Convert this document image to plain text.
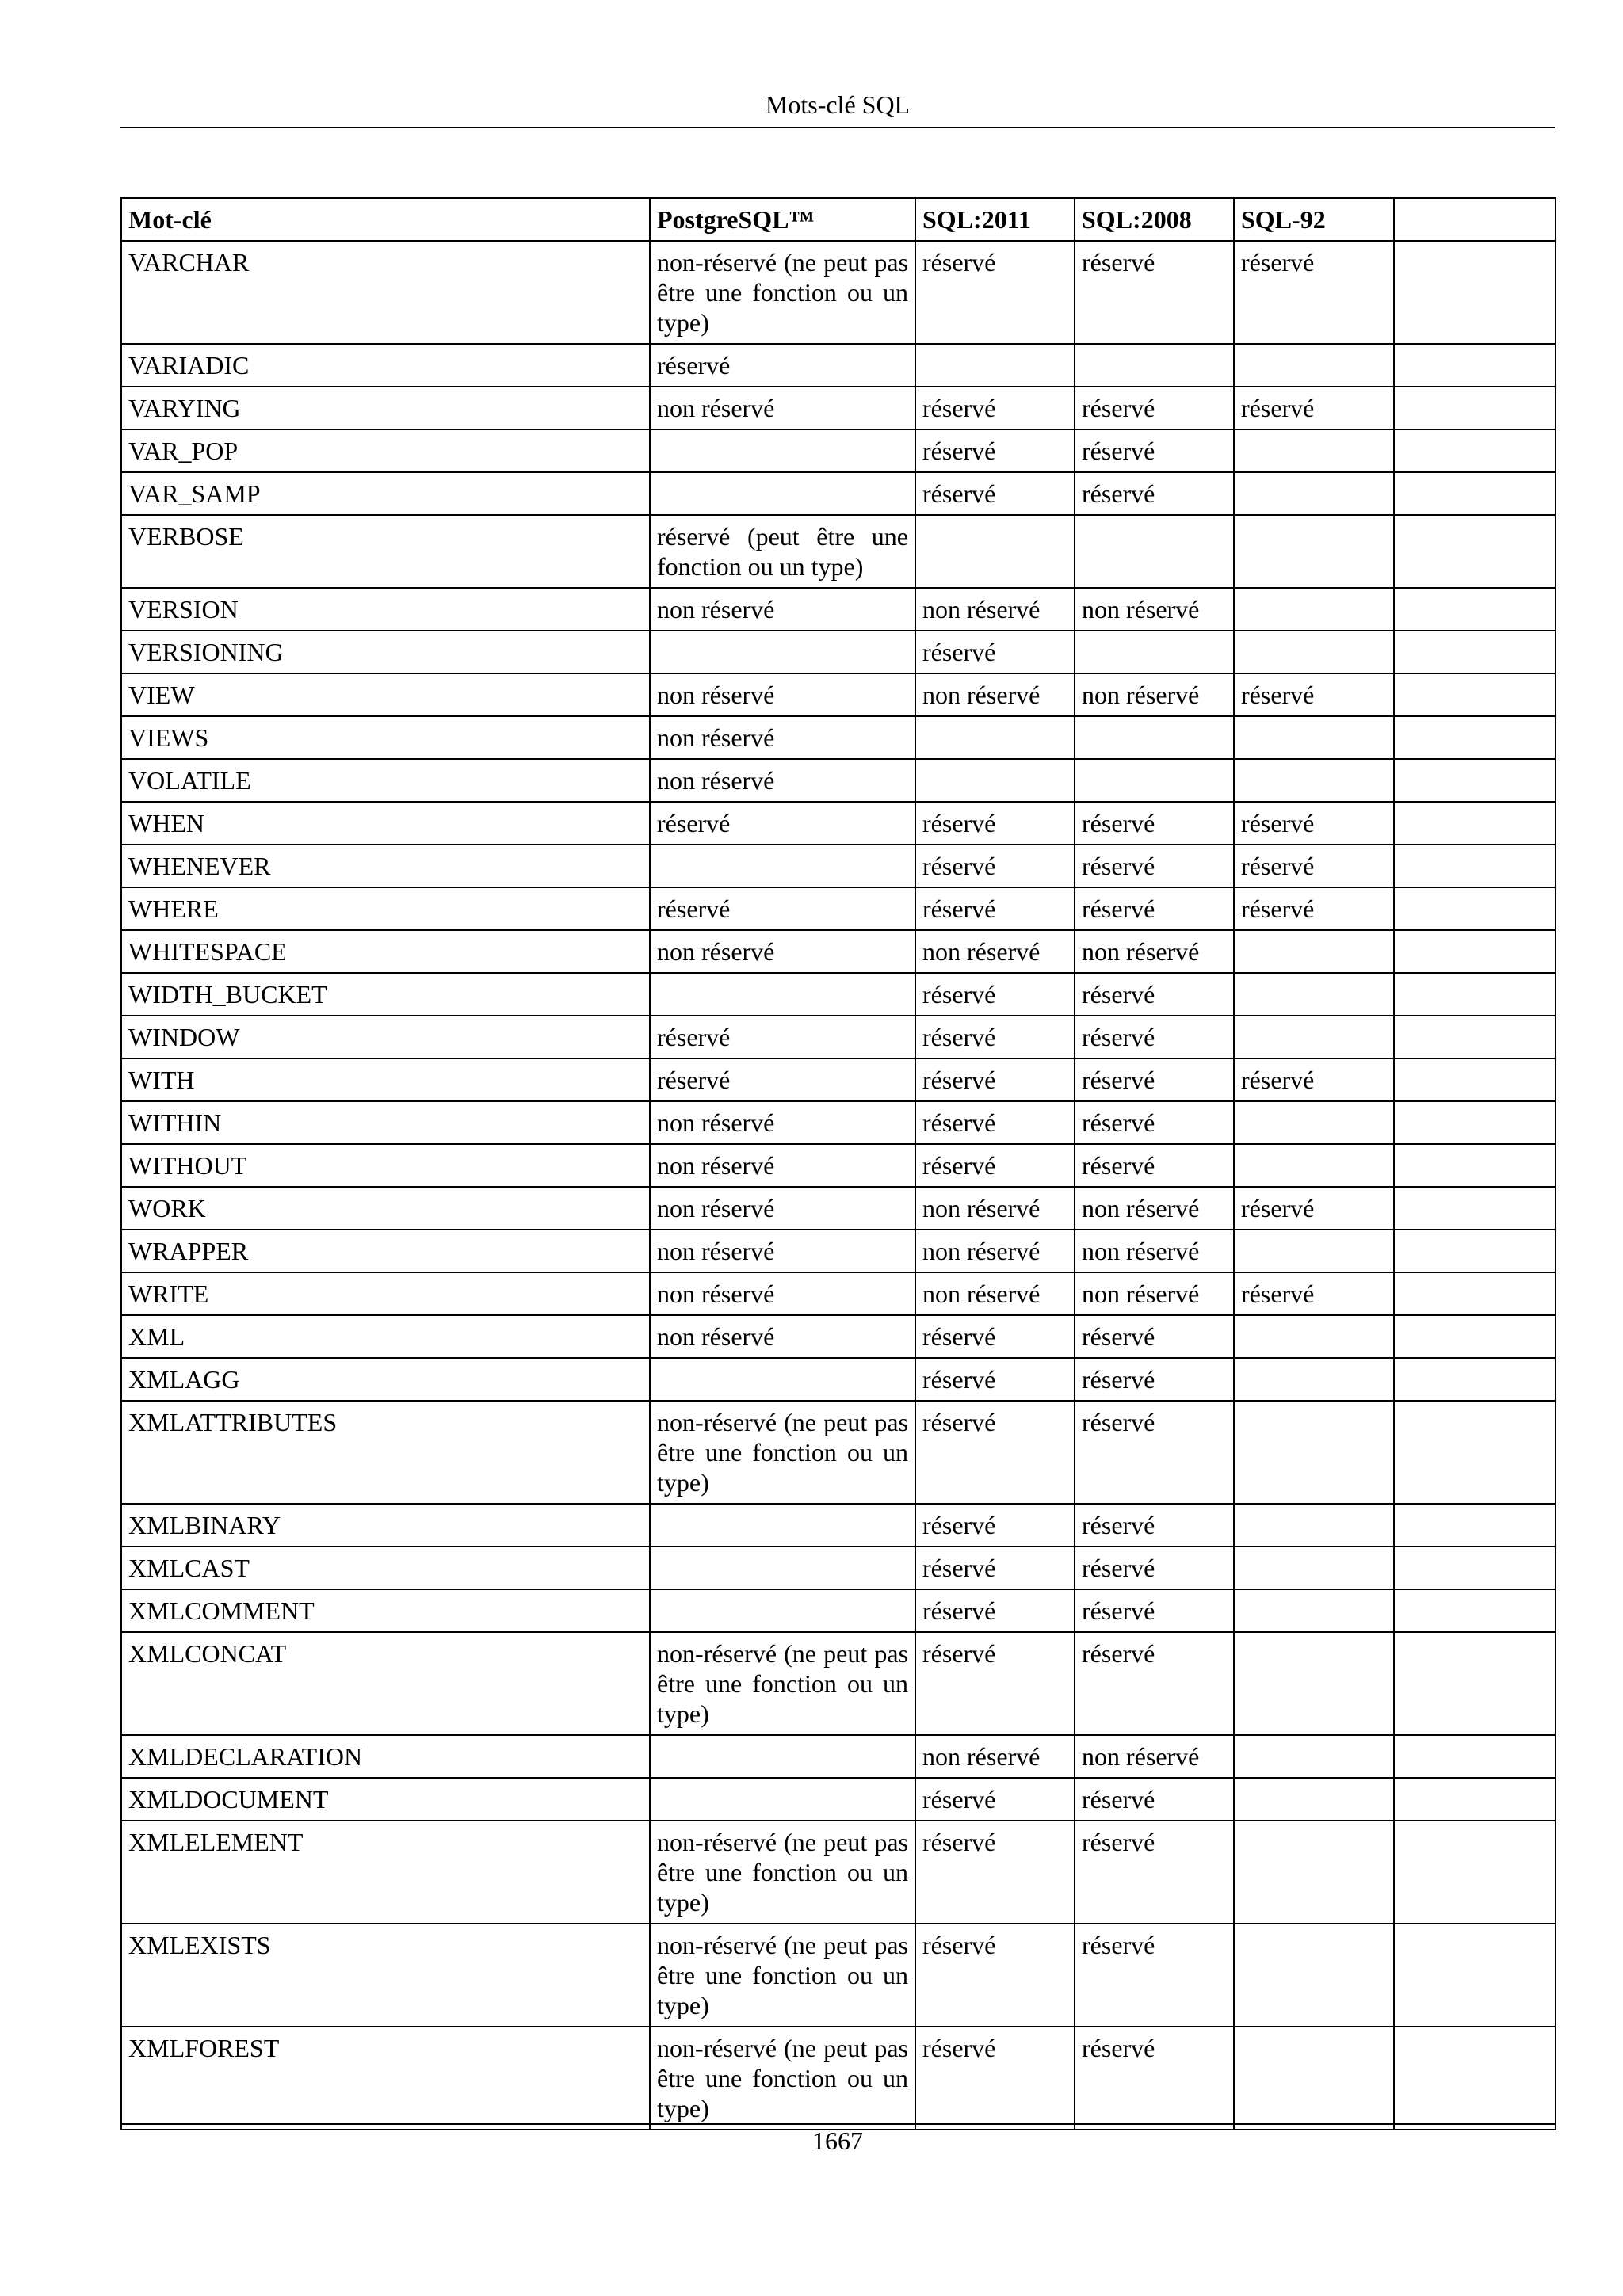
Mots-clé SQL
Mot-clé	PostgreSQL™	SQL:2011	SQL:2008	SQL-92	
VARCHAR	non-réservé (ne peut pas être une fonction ou un type)	réservé	réservé	réservé	
VARIADIC	réservé				
VARYING	non réservé	réservé	réservé	réservé	
VAR_POP		réservé	réservé		
VAR_SAMP		réservé	réservé		
VERBOSE	réservé (peut être une fonction ou un type)				
VERSION	non réservé	non réservé	non réservé		
VERSIONING		réservé			
VIEW	non réservé	non réservé	non réservé	réservé	
VIEWS	non réservé				
VOLATILE	non réservé				
WHEN	réservé	réservé	réservé	réservé	
WHENEVER		réservé	réservé	réservé	
WHERE	réservé	réservé	réservé	réservé	
WHITESPACE	non réservé	non réservé	non réservé		
WIDTH_BUCKET		réservé	réservé		
WINDOW	réservé	réservé	réservé		
WITH	réservé	réservé	réservé	réservé	
WITHIN	non réservé	réservé	réservé		
WITHOUT	non réservé	réservé	réservé		
WORK	non réservé	non réservé	non réservé	réservé	
WRAPPER	non réservé	non réservé	non réservé		
WRITE	non réservé	non réservé	non réservé	réservé	
XML	non réservé	réservé	réservé		
XMLAGG		réservé	réservé		
XMLATTRIBUTES	non-réservé (ne peut pas être une fonction ou un type)	réservé	réservé		
XMLBINARY		réservé	réservé		
XMLCAST		réservé	réservé		
XMLCOMMENT		réservé	réservé		
XMLCONCAT	non-réservé (ne peut pas être une fonction ou un type)	réservé	réservé		
XMLDECLARATION		non réservé	non réservé		
XMLDOCUMENT		réservé	réservé		
XMLELEMENT	non-réservé (ne peut pas être une fonction ou un type)	réservé	réservé		
XMLEXISTS	non-réservé (ne peut pas être une fonction ou un type)	réservé	réservé		
XMLFOREST	non-réservé (ne peut pas être une fonction ou un type)	réservé	réservé		
1667
